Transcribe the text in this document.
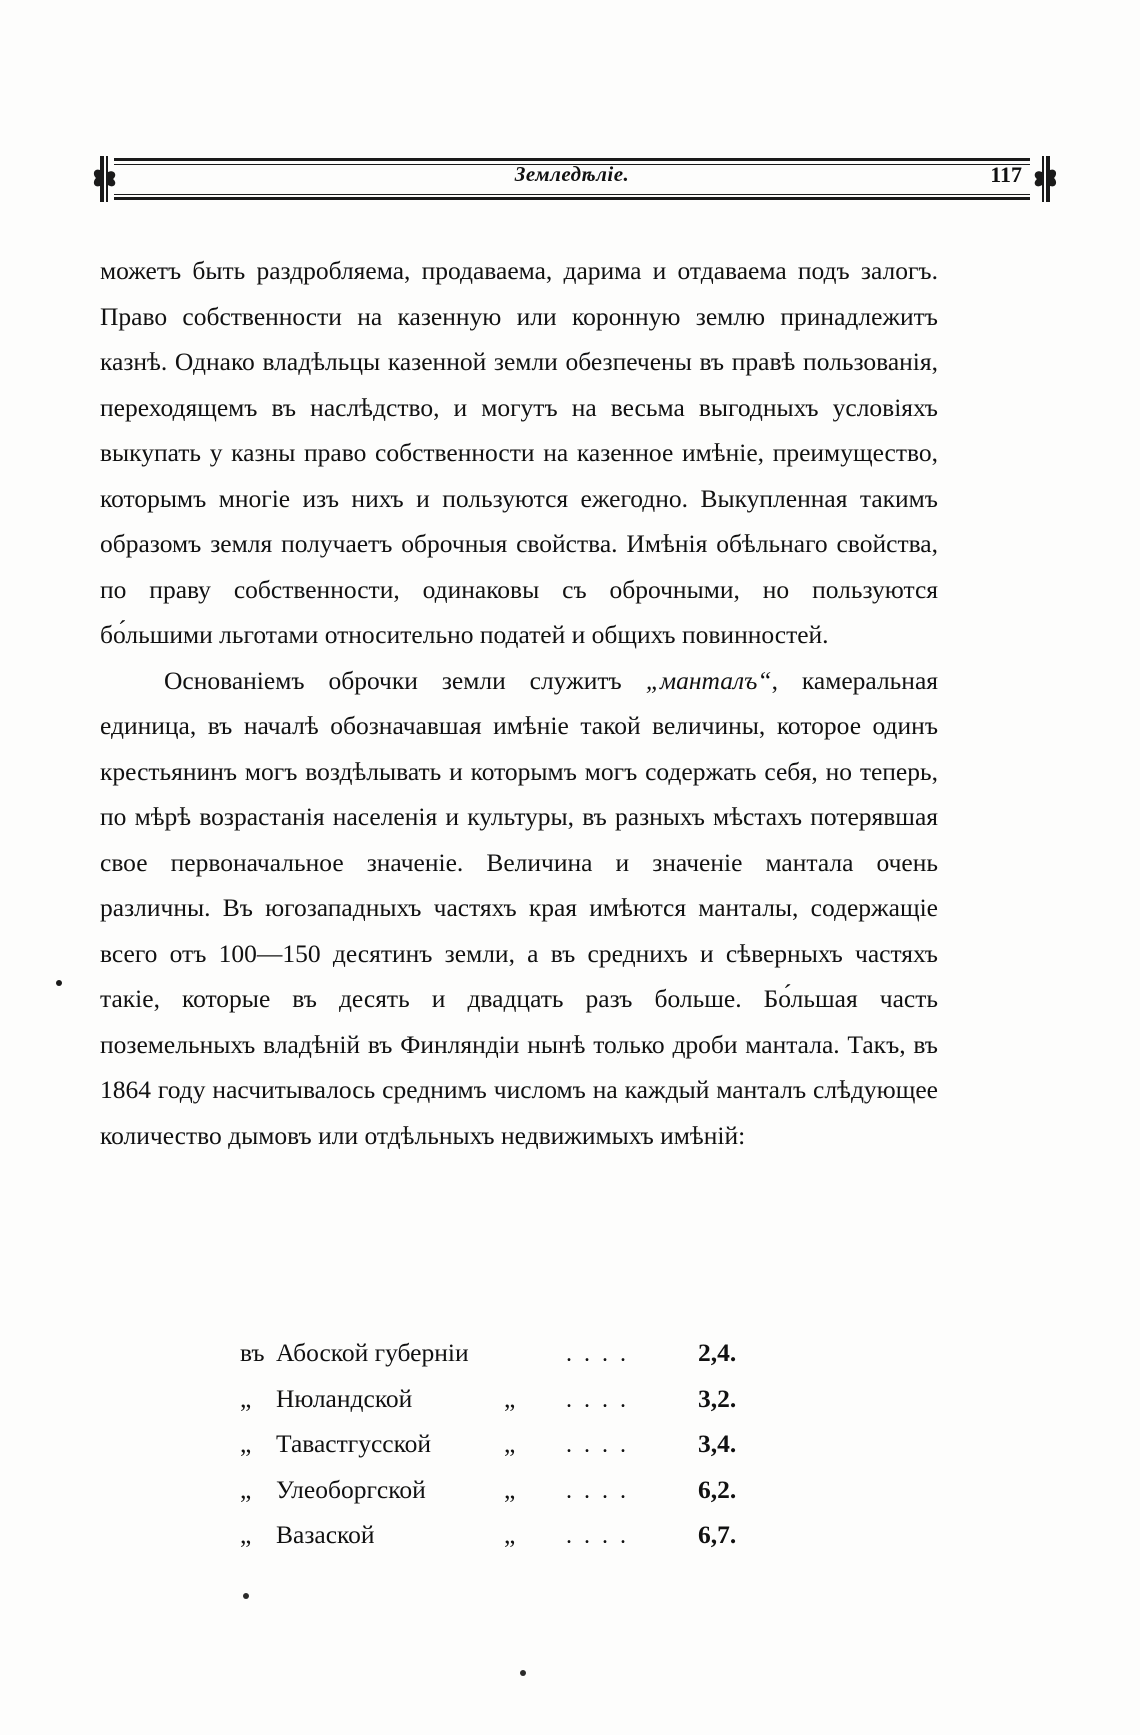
Земледѣліе.	117

можетъ быть раздробляема, продаваема, дарима и отдаваема подъ залогъ. Право собственности на казенную или коронную землю принадлежитъ казнѣ. Однако владѣльцы казенной земли обезпечены въ правѣ пользованія, переходящемъ въ наслѣдство, и могутъ на весьма выгодныхъ условіяхъ выкупать у казны право собственности на казенное имѣніе, преимущество, которымъ многіе изъ нихъ и пользуются ежегодно. Выкупленная такимъ образомъ земля получаетъ оброчныя свойства. Имѣнія обѣльнаго свойства, по праву собственности, одинаковы съ оброчными, но пользуются бо́льшими льготами относительно податей и общихъ повинностей.

Основаніемъ оброчки земли служитъ „манталъ“, камеральная единица, въ началѣ обозначавшая имѣніе такой величины, которое одинъ крестьянинъ могъ воздѣлывать и которымъ могъ содержать себя, но теперь, по мѣрѣ возрастанія населенія и культуры, въ разныхъ мѣстахъ потерявшая свое первоначальное значеніе. Величина и значеніе мантала очень различны. Въ югозападныхъ частяхъ края имѣются манталы, содержащіе всего отъ 100—150 десятинъ земли, а въ среднихъ и сѣверныхъ частяхъ такіе, которые въ десять и двадцать разъ больше. Бо́льшая часть поземельныхъ владѣній въ Финляндіи нынѣ только дроби мантала. Такъ, въ 1864 году насчитывалось среднимъ числомъ на каждый манталъ слѣдующее количество дымовъ или отдѣльныхъ недвижимыхъ имѣній:

въ Абоской губерніи	....	2,4.
„ Нюландской	„	....	3,2.
„ Тавастгусской	„	....	3,4.
„ Улеоборгской	„	....	6,2.
„ Вазаской	„	....	6,7.
